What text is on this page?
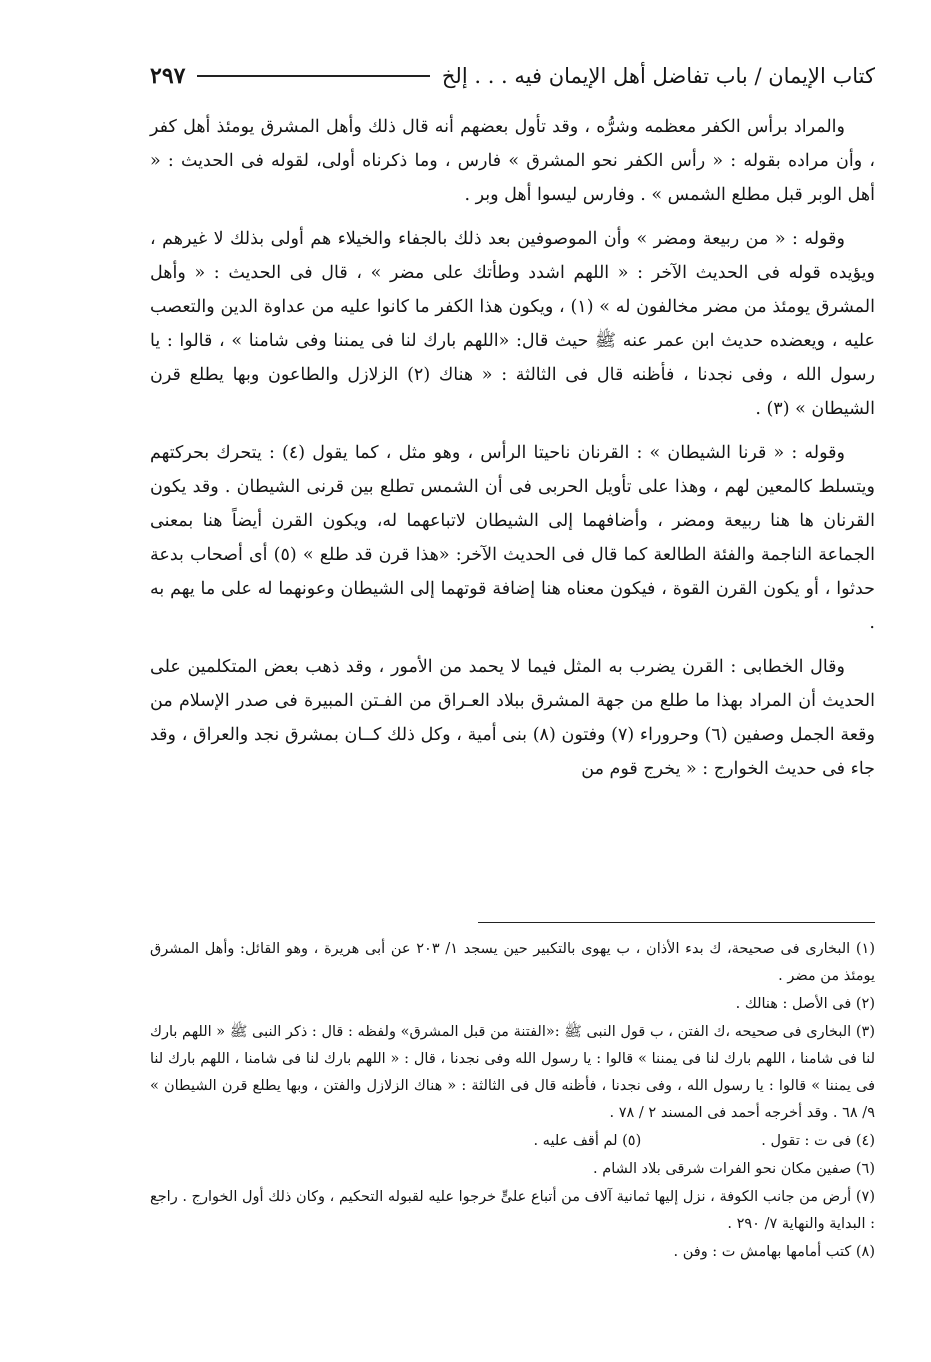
كتاب الإيمان / باب تفاضل أهل الإيمان فيه . . . إلخ
٢٩٧

والمراد برأس الكفر معظمه وشرُّه ، وقد تأول بعضهم أنه قال ذلك وأهل المشرق يومئذ أهل كفر ، وأن مراده بقوله : « رأس الكفر نحو المشرق » فارس ، وما ذكرناه أولى، لقوله فى الحديث : « أهل الوبر قبل مطلع الشمس » . وفارس ليسوا أهل وبر .

وقوله : « من ربيعة ومضر » وأن الموصوفين بعد ذلك بالجفاء والخيلاء هم أولى بذلك لا غيرهم ، ويؤيده قوله فى الحديث الآخر : « اللهم اشدد وطأتك على مضر » ، قال فى الحديث : « وأهل المشرق يومئذ من مضر مخالفون له » (١) ، ويكون هذا الكفر ما كانوا عليه من عداوة الدين والتعصب عليه ، ويعضده حديث ابن عمر عنه ﷺ حيث قال: «اللهم بارك لنا فى يمننا وفى شامنا » ، قالوا : يا رسول الله ، وفى نجدنا ، فأظنه قال فى الثالثة : « هناك (٢) الزلازل والطاعون وبها يطلع قرن الشيطان » (٣) .

وقوله : « قرنا الشيطان » : القرنان ناحيتا الرأس ، وهو مثل ، كما يقول (٤) : يتحرك بحركتهم ويتسلط كالمعين لهم ، وهذا على تأويل الحربى فى أن الشمس تطلع بين قرنى الشيطان . وقد يكون القرنان ها هنا ربيعة ومضر ، وأضافهما إلى الشيطان لاتباعهما له، ويكون القرن أيضاً هنا بمعنى الجماعة الناجمة والفئة الطالعة كما قال فى الحديث الآخر: «هذا قرن قد طلع » (٥) أى أصحاب بدعة حدثوا ، أو يكون القرن القوة ، فيكون معناه هنا إضافة قوتهما إلى الشيطان وعونهما له على ما يهم به .

وقال الخطابى : القرن يضرب به المثل فيما لا يحمد من الأمور ، وقد ذهب بعض المتكلمين على الحديث أن المراد بهذا ما طلع من جهة المشرق ببلاد العـراق من الفـتن المبيرة فى صدر الإسلام من وقعة الجمل وصفين (٦) وحروراء (٧) وفتون (٨) بنى أمية ، وكل ذلك كــان بمشرق نجد والعراق ، وقد جاء فى حديث الخوارج : « يخرج قوم من

(١) البخارى فى صحيحة، ك بدء الأذان ، ب يهوى بالتكبير حين يسجد ١/ ٢٠٣ عن أبى هريرة ، وهو القائل: وأهل المشرق يومئذ من مضر .
(٢) فى الأصل : هنالك .
(٣) البخارى فى صحيحه ،ك الفتن ، ب قول النبى ﷺ :«الفتنة من قبل المشرق» ولفظه : قال : ذكر النبى ﷺ « اللهم بارك لنا فى شامنا ، اللهم بارك لنا فى يمننا » قالوا : يا رسول الله وفى نجدنا ، قال : « اللهم بارك لنا فى شامنا ، اللهم بارك لنا فى يمننا » قالوا : يا رسول الله ، وفى نجدنا ، فأظنه قال فى الثالثة : « هناك الزلازل والفتن ، وبها يطلع قرن الشيطان » ٩/ ٦٨ . وقد أخرجه أحمد فى المسند ٢ / ٧٨ .
(٤) فى ت : تقول .
(٥) لم أقف عليه .
(٦) صفين مكان نحو الفرات شرقى بلاد الشام .
(٧) أرض من جانب الكوفة ، نزل إليها ثمانية آلاف من أتباع علىٍّ خرجوا عليه لقبوله التحكيم ، وكان ذلك أول الخوارج . راجع : البداية والنهاية ٧/ ٢٩٠ .
(٨) كتب أمامها بهامش ت : وفن .
